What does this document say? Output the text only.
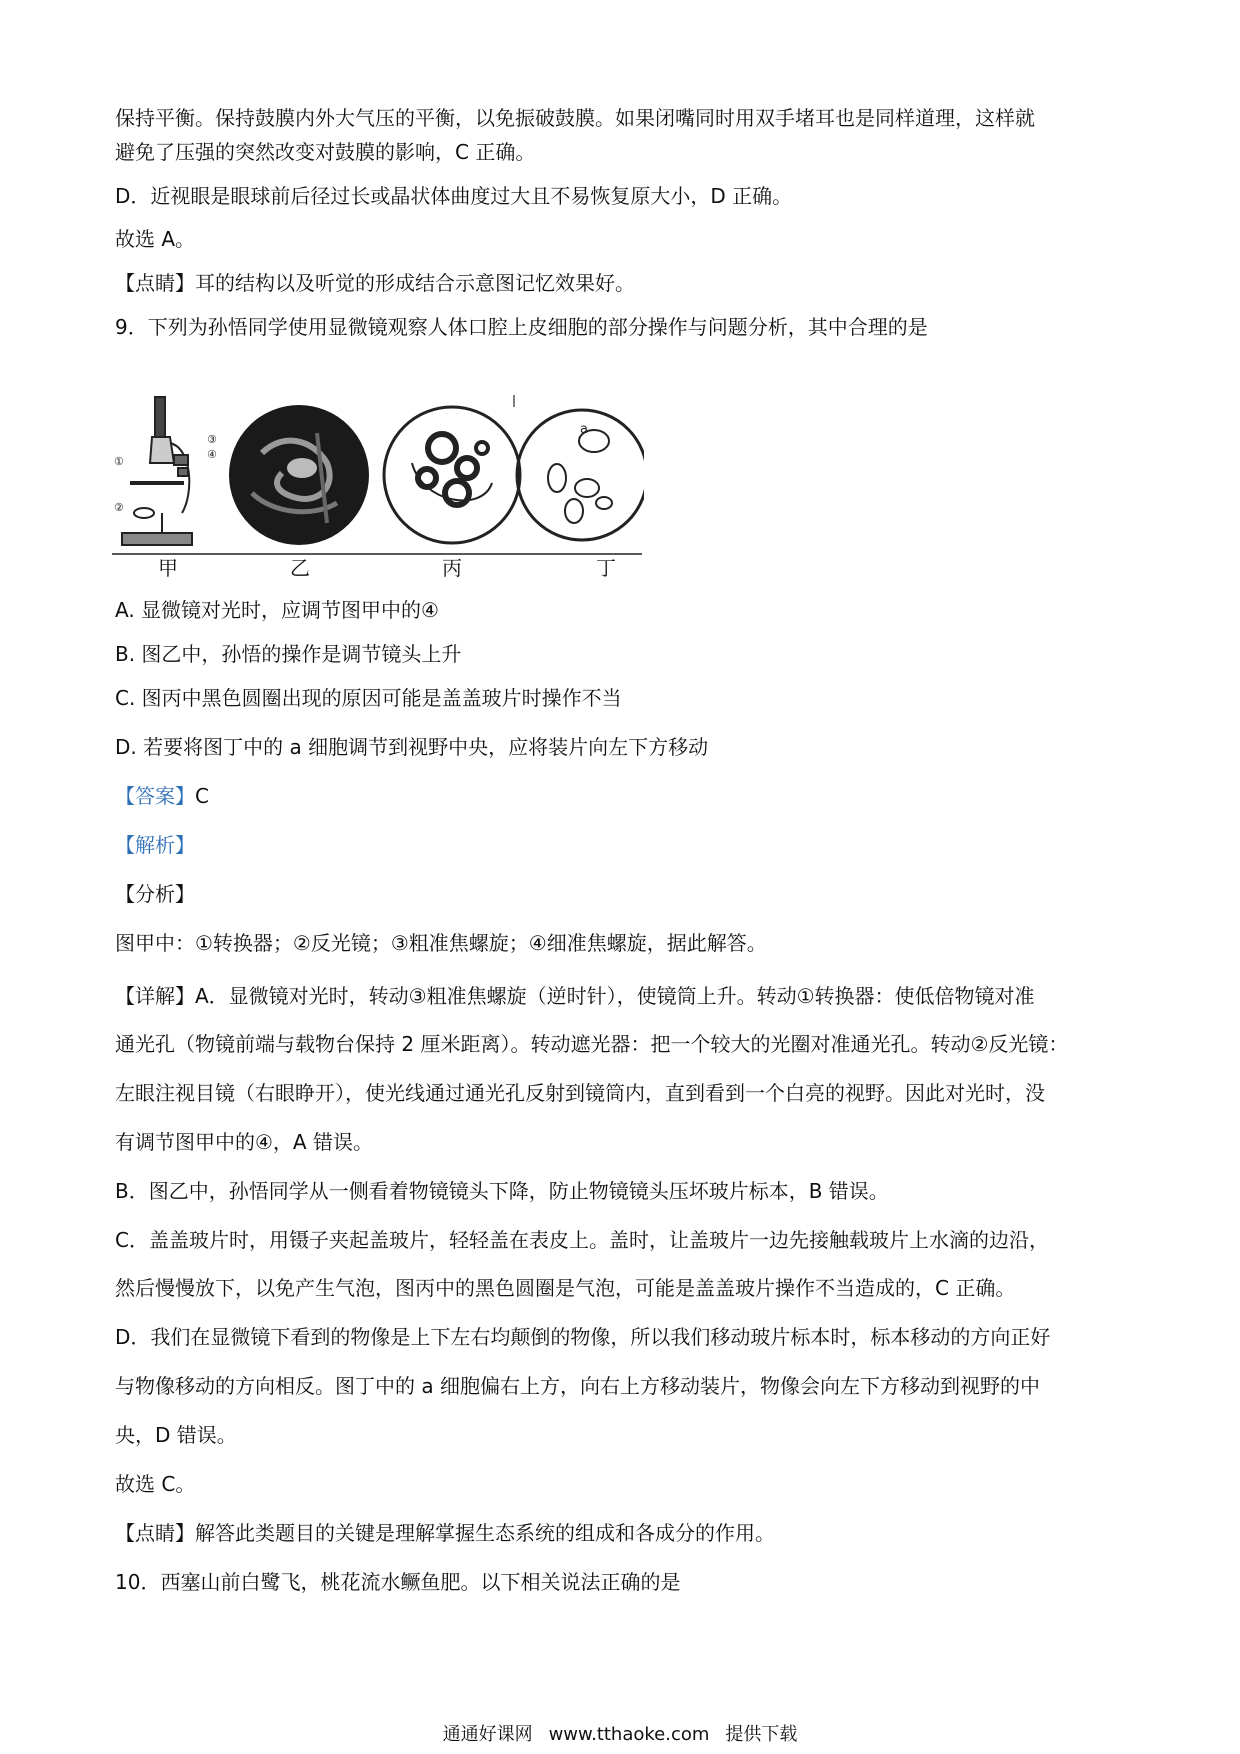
保持平衡。保持鼓膜内外大气压的平衡，以免振破鼓膜。如果闭嘴同时用双手堵耳也是同样道理，这样就
避免了压强的突然改变对鼓膜的影响，C 正确。
D．近视眼是眼球前后径过长或晶状体曲度过大且不易恢复原大小，D 正确。
故选 A。
【点睛】耳的结构以及听觉的形成结合示意图记忆效果好。
9．下列为孙悟同学使用显微镜观察人体口腔上皮细胞的部分操作与问题分析，其中合理的是
①
②
③
④
a
甲	乙	丙	丁
A. 显微镜对光时，应调节图甲中的④
B. 图乙中，孙悟的操作是调节镜头上升
C. 图丙中黑色圆圈出现的原因可能是盖盖玻片时操作不当
D. 若要将图丁中的 a 细胞调节到视野中央，应将装片向左下方移动
【答案】C
【解析】
【分析】
图甲中：①转换器；②反光镜；③粗准焦螺旋；④细准焦螺旋，据此解答。
【详解】A．显微镜对光时，转动③粗准焦螺旋（逆时针），使镜筒上升。转动①转换器：使低倍物镜对准
通光孔（物镜前端与载物台保持 2 厘米距离）。转动遮光器：把一个较大的光圈对准通光孔。转动②反光镜：
左眼注视目镜（右眼睁开），使光线通过通光孔反射到镜筒内，直到看到一个白亮的视野。因此对光时，没
有调节图甲中的④，A 错误。
B．图乙中，孙悟同学从一侧看着物镜镜头下降，防止物镜镜头压坏玻片标本，B 错误。
C．盖盖玻片时，用镊子夹起盖玻片，轻轻盖在表皮上。盖时，让盖玻片一边先接触载玻片上水滴的边沿，
然后慢慢放下，以免产生气泡，图丙中的黑色圆圈是气泡，可能是盖盖玻片操作不当造成的，C 正确。
D．我们在显微镜下看到的物像是上下左右均颠倒的物像，所以我们移动玻片标本时，标本移动的方向正好
与物像移动的方向相反。图丁中的 a 细胞偏右上方，向右上方移动装片，物像会向左下方移动到视野的中
央，D 错误。
故选 C。
【点睛】解答此类题目的关键是理解掌握生态系统的组成和各成分的作用。
10．西塞山前白鹭飞，桃花流水鳜鱼肥。以下相关说法正确的是
通通好课网 www.tthaoke.com 提供下载
